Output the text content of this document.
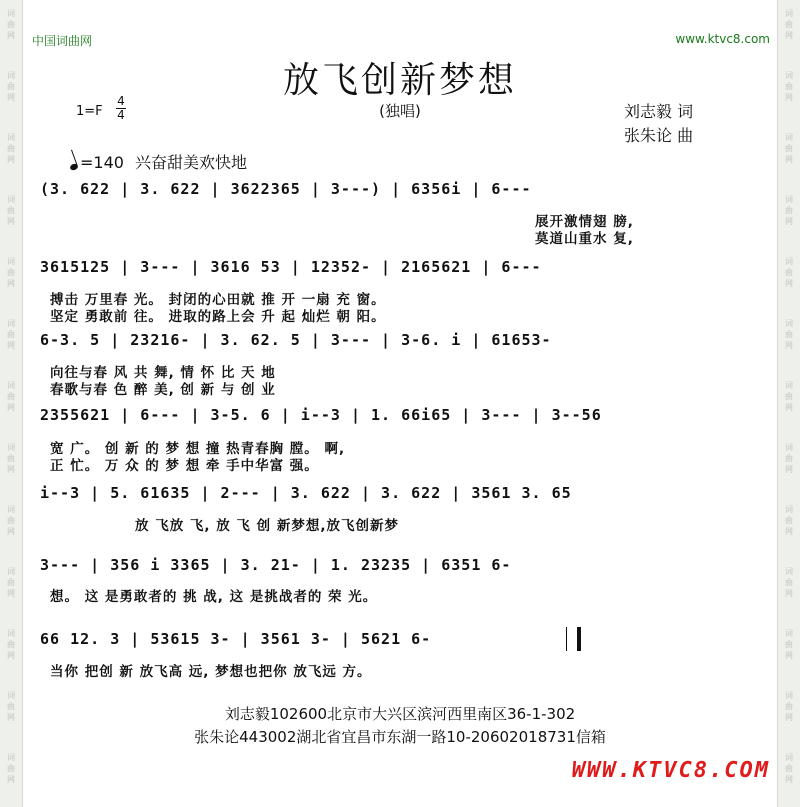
词
曲
网
词
曲
网
词
曲
网
词
曲
网
词
曲
网
词
曲
网
词
曲
网
词
曲
网
词
曲
网
词
曲
网
词
曲
网
词
曲
网
词
曲
网
词
曲
网
词
曲
网
词
曲
网
词
曲
网
词
曲
网
词
曲
网
词
曲
网
词
曲
网
词
曲
网
词
曲
网
词
曲
网
词
曲
网
词
曲
网
中国词曲网	www.ktvc8.com
放飞创新梦想
(独唱)
1=F
4
4	刘志毅 词
张朱论 曲
=140 兴奋甜美欢快地
(3. 622 | 3. 622 | 3622365 | 3---) | 6356i | 6---
展开激情翅 膀,
莫道山重水 复,
3615125 | 3--- | 3616 53 | 12352- | 2165621 | 6---
搏击 万里春 光。 封闭的心田就 推 开 一扇 充 窗。
坚定 勇敢前 往。 进取的路上会 升 起 灿烂 朝 阳。
6-3. 5 | 23216- | 3. 62. 5 | 3--- | 3-6. i | 61653-
向往与春 风 共 舞, 情 怀 比 天 地
春歌与春 色 醉 美, 创 新 与 创 业
2355621 | 6--- | 3-5. 6 | i--3 | 1. 66i65 | 3--- | 3--56
宽 广。 创 新 的 梦 想 撞 热青春胸 膛。 啊,
正 忙。 万 众 的 梦 想 牵 手中华富 强。
i--3 | 5. 61635 | 2--- | 3. 622 | 3. 622 | 3561 3. 65
放 飞放 飞, 放 飞 创 新梦想,放飞创新梦
3--- | 356 i 3365 | 3. 21- | 1. 23235 | 6351 6-
想。 这 是勇敢者的 挑 战, 这 是挑战者的 荣 光。
66 12. 3 | 53615 3- | 3561 3- | 5621 6-
当你 把创 新 放飞高 远, 梦想也把你 放飞远 方。
刘志毅102600北京市大兴区滨河西里南区36-1-302
张朱论443002湖北省宜昌市东湖一路10-20602018731信箱
WWW.KTVC8.COM
